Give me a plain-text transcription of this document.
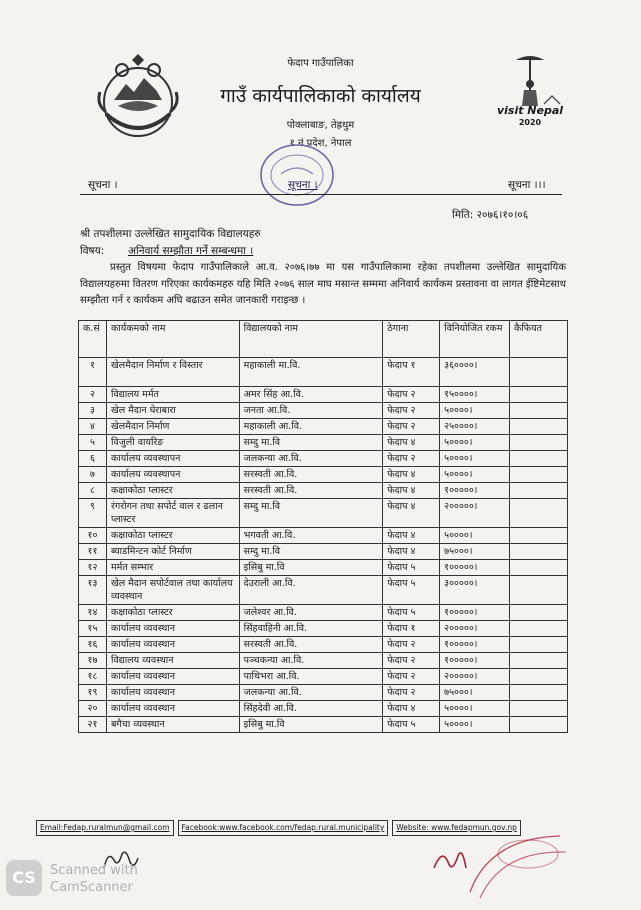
फेदाप गाउँपालिका
गाउँ कार्यपालिकाको कार्यालय
पोक्लाबाङ, तेह्रथुम
१ नं प्रदेश, नेपाल
visit Nepal
2020
सूचना ।	सूचना ।	सूचना ।।।
मिति: २०७६।१०।०६
श्री तपशीलमा उल्लेखित सामुदायिक विद्यालयहरु
विषय: अनिवार्य सम्झौता गर्ने सम्बन्धमा ।
प्रस्तुत विषयमा फेदाप गाउँपालिकाले आ.व. २०७६।७७ मा यस गाउँपालिकामा रहेका तपशीलमा उल्लेखित सामुदायिक विद्यालयहरुमा वितरण गरिएका कार्यकमहरु यहि मिति २०७६ साल माघ मसान्त सम्ममा अनिवार्य कार्यकम प्रस्तावना वा लागत ईष्टिमेटसाथ सम्झौता गर्न र कार्यकम अघि बढाउन समेत जानकारी गराइन्छ ।
क.सं	कार्यकमको नाम	विद्यालयको नाम	ठेगाना	विनियोजित रकम	कैफियत
१	खेलमैदान निर्माण र विस्तार	महाकाली मा.वि.	फेदाप १	३६००००।	
२	विद्यालय मर्मत	अमर सिंह आ.वि.	फेदाप २	१५००००।	
३	खेल मैदान घेराबारा	जनता आ.वि.	फेदाप २	५००००।	
४	खेलमैदान निर्माण	महाकाली आ.वि.	फेदाप २	२५००००।	
५	विजुली वायरिङ	सम्दु मा.वि	फेदाप ४	५००००।	
६	कार्यालय व्यवस्थापन	जलकन्या आ.वि.	फेदाप २	५००००।	
७	कार्यालय व्यवस्थापन	सरस्वती आ.वि.	फेदाप ४	५००००।	
८	कक्षाकोठा प्लास्टर	सरस्वती आ.वि.	फेदाप ४	१०००००।	
९	रंगरोगन तथा सपोर्ट वाल र ढलान प्लास्टर	सम्दु मा.वि	फेदाप ४	२०००००।	
१०	कक्षाकोठा प्लास्टर	भगवती आ.वि.	फेदाप ४	५००००।	
११	ब्याडमिन्टन कोर्ट निर्माण	सम्दु मा.वि	फेदाप ४	७५०००।	
१२	मर्मत सम्भार	इसिबु मा.वि	फेदाप ५	१०००००।	
१३	खेल मैदान सपोर्टवाल तथा कार्यालय व्यवस्थान	देउराली आ.वि.	फेदाप ५	३०००००।	
१४	कक्षाकोठा प्लास्टर	जलेश्वर आ.वि.	फेदाप ५	१०००००।	
१५	कार्यालय व्यवस्थान	सिंहवाहिनी आ.वि.	फेदाप १	२०००००।	
१६	कार्यालय व्यवस्थान	सरस्वती आ.वि.	फेदाप २	१०००००।	
१७	विद्यालय व्यवस्थान	पञ्चकन्या आ.वि.	फेदाप २	१०००००।	
१८	कार्यालय व्यवस्थान	पाथिभरा आ.वि.	फेदाप २	२०००००।	
१९	कार्यालय व्यवस्थान	जलकन्या आ.वि.	फेदाप २	७५०००।	
२०	कार्यालय व्यवस्थान	सिंहदेवी आ.वि.	फेदाप ४	५००००।	
२१	बगैचा व्यवस्थान	इसिबु मा.वि	फेदाप ५	५००००।	
Email:Fedap.ruralmun@gmail.com Facebook:www.facebook.com/fedap.rural.municipality Website: www.fedapmun.gov.np
CS	Scanned with
CamScanner
